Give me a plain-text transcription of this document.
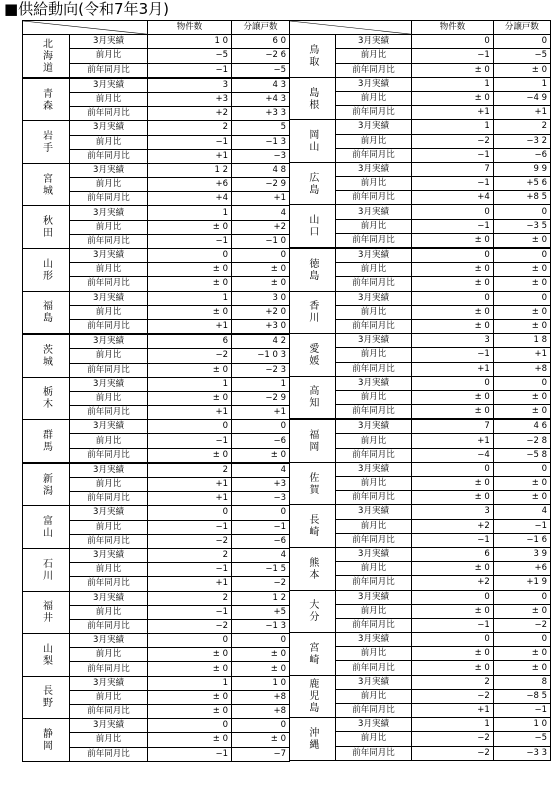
■供給動向(令和7年3月)
	物件数	分譲戸数
北海道	3月実績	1 0	6 0
	前月比	−5	−2 6
	前年同月比	−1	−5
青森	3月実績	3	4 3
	前月比	+3	+4 3
	前年同月比	+2	+3 3
岩手	3月実績	2	5
	前月比	−1	−1 3
	前年同月比	+1	−3
宮城	3月実績	1 2	4 8
	前月比	+6	−2 9
	前年同月比	+4	+1
秋田	3月実績	1	4
	前月比	± 0	+2
	前年同月比	−1	−1 0
山形	3月実績	0	0
	前月比	± 0	± 0
	前年同月比	± 0	± 0
福島	3月実績	1	3 0
	前月比	± 0	+2 0
	前年同月比	+1	+3 0
茨城	3月実績	6	4 2
	前月比	−2	−1 0 3
	前年同月比	± 0	−2 3
栃木	3月実績	1	1
	前月比	± 0	−2 9
	前年同月比	+1	+1
群馬	3月実績	0	0
	前月比	−1	−6
	前年同月比	± 0	± 0
新潟	3月実績	2	4
	前月比	+1	+3
	前年同月比	+1	−3
富山	3月実績	0	0
	前月比	−1	−1
	前年同月比	−2	−6
石川	3月実績	2	4
	前月比	−1	−1 5
	前年同月比	+1	−2
福井	3月実績	2	1 2
	前月比	−1	+5
	前年同月比	−2	−1 3
山梨	3月実績	0	0
	前月比	± 0	± 0
	前年同月比	± 0	± 0
長野	3月実績	1	1 0
	前月比	± 0	+8
	前年同月比	± 0	+8
静岡	3月実績	0	0
	前月比	± 0	± 0
	前年同月比	−1	−7
	物件数	分譲戸数
鳥取	3月実績	0	0
	前月比	−1	−5
	前年同月比	± 0	± 0
島根	3月実績	1	1
	前月比	± 0	−4 9
	前年同月比	+1	+1
岡山	3月実績	1	2
	前月比	−2	−3 2
	前年同月比	−1	−6
広島	3月実績	7	9 9
	前月比	−1	+5 6
	前年同月比	+4	+8 5
山口	3月実績	0	0
	前月比	−1	−3 5
	前年同月比	± 0	± 0
徳島	3月実績	0	0
	前月比	± 0	± 0
	前年同月比	± 0	± 0
香川	3月実績	0	0
	前月比	± 0	± 0
	前年同月比	± 0	± 0
愛媛	3月実績	3	1 8
	前月比	−1	+1
	前年同月比	+1	+8
高知	3月実績	0	0
	前月比	± 0	± 0
	前年同月比	± 0	± 0
福岡	3月実績	7	4 6
	前月比	+1	−2 8
	前年同月比	−4	−5 8
佐賀	3月実績	0	0
	前月比	± 0	± 0
	前年同月比	± 0	± 0
長崎	3月実績	3	4
	前月比	+2	−1
	前年同月比	−1	−1 6
熊本	3月実績	6	3 9
	前月比	± 0	+6
	前年同月比	+2	+1 9
大分	3月実績	0	0
	前月比	± 0	± 0
	前年同月比	−1	−2
宮崎	3月実績	0	0
	前月比	± 0	± 0
	前年同月比	± 0	± 0
鹿児島	3月実績	2	8
	前月比	−2	−8 5
	前年同月比	+1	−1
沖縄	3月実績	1	1 0
	前月比	−2	−5
	前年同月比	−2	−3 3
